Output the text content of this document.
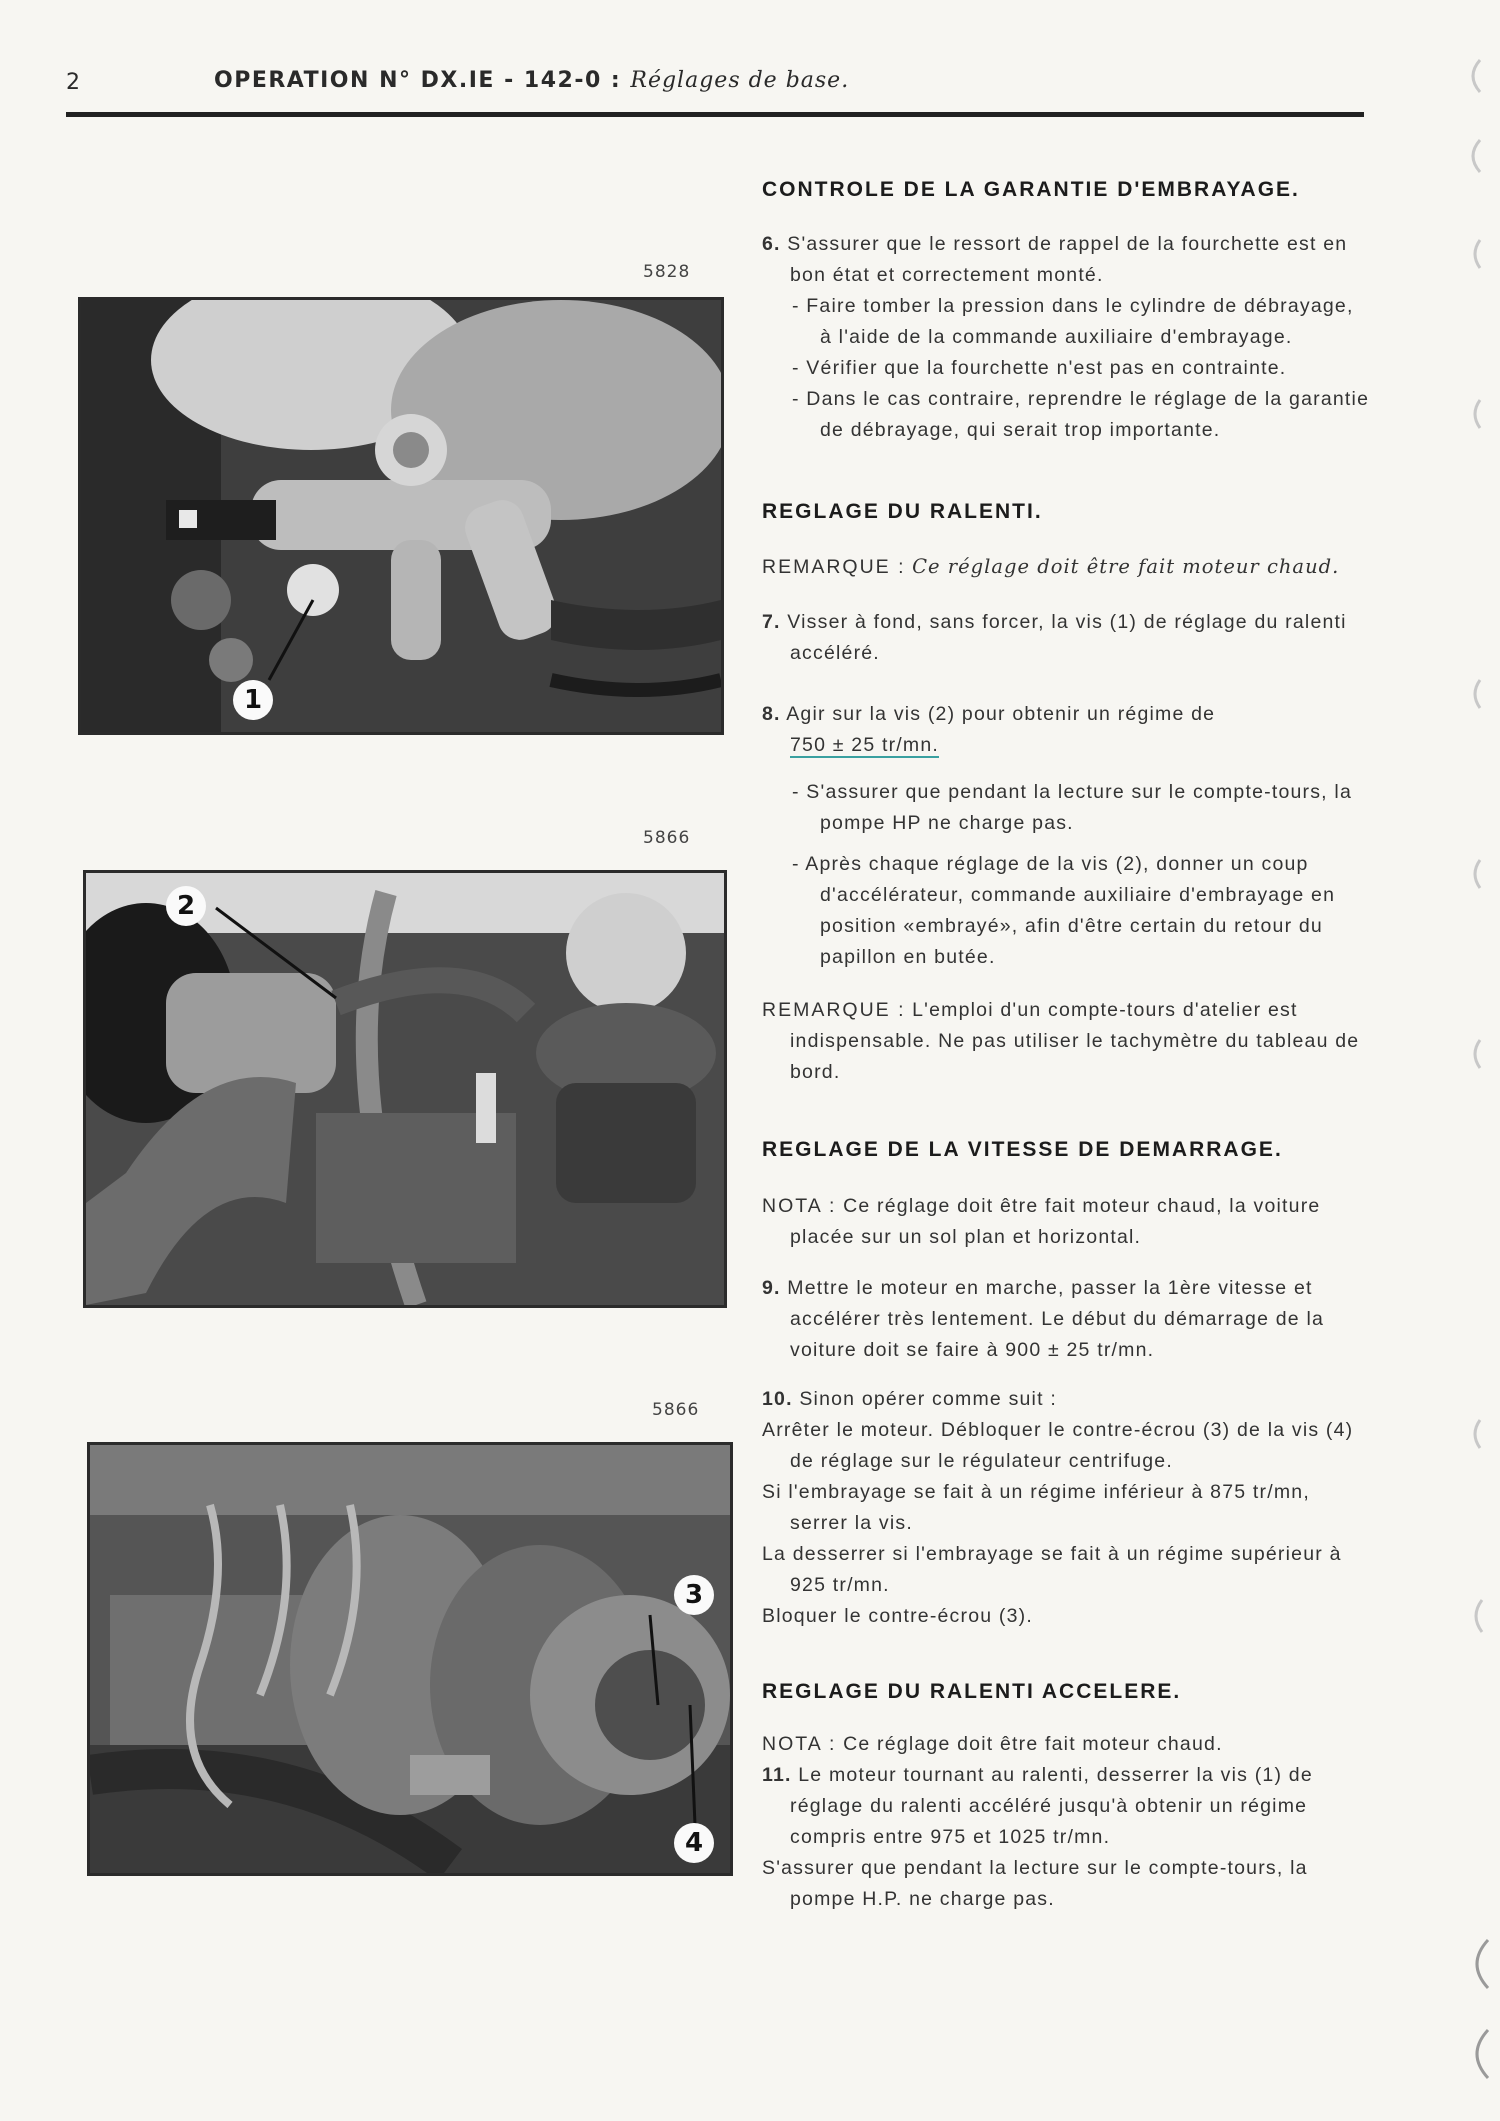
2	OPERATION N° DX.IE - 142-0 : Réglages de base.
5828
1
5866
2
5866
3
4
CONTROLE DE LA GARANTIE D'EMBRAYAGE.

6. S'assurer que le ressort de rappel de la fourchette est en bon état et correctement monté.

- Faire tomber la pression dans le cylindre de débrayage, à l'aide de la commande auxiliaire d'embrayage.

- Vérifier que la fourchette n'est pas en contrainte.

- Dans le cas contraire, reprendre le réglage de la garantie de débrayage, qui serait trop importante.

REGLAGE DU RALENTI.

REMARQUE : Ce réglage doit être fait moteur chaud.

7. Visser à fond, sans forcer, la vis (1) de réglage du ralenti accéléré.

8. Agir sur la vis (2) pour obtenir un régime de
750 ± 25 tr/mn.

- S'assurer que pendant la lecture sur le compte-tours, la pompe HP ne charge pas.

- Après chaque réglage de la vis (2), donner un coup d'accélérateur, commande auxiliaire d'embrayage en position «embrayé», afin d'être certain du retour du papillon en butée.

REMARQUE : L'emploi d'un compte-tours d'atelier est indispensable. Ne pas utiliser le tachymètre du tableau de bord.

REGLAGE DE LA VITESSE DE DEMARRAGE.

NOTA : Ce réglage doit être fait moteur chaud, la voiture placée sur un sol plan et horizontal.

9. Mettre le moteur en marche, passer la 1ère vitesse et accélérer très lentement. Le début du démarrage de la voiture doit se faire à 900 ± 25 tr/mn.

10. Sinon opérer comme suit :

Arrêter le moteur. Débloquer le contre-écrou (3) de la vis (4) de réglage sur le régulateur centrifuge.

Si l'embrayage se fait à un régime inférieur à 875 tr/mn, serrer la vis.

La desserrer si l'embrayage se fait à un régime supérieur à 925 tr/mn.

Bloquer le contre-écrou (3).

REGLAGE DU RALENTI ACCELERE.

NOTA : Ce réglage doit être fait moteur chaud.

11. Le moteur tournant au ralenti, desserrer la vis (1) de réglage du ralenti accéléré jusqu'à obtenir un régime compris entre 975 et 1025 tr/mn.

S'assurer que pendant la lecture sur le compte-tours, la pompe H.P. ne charge pas.
